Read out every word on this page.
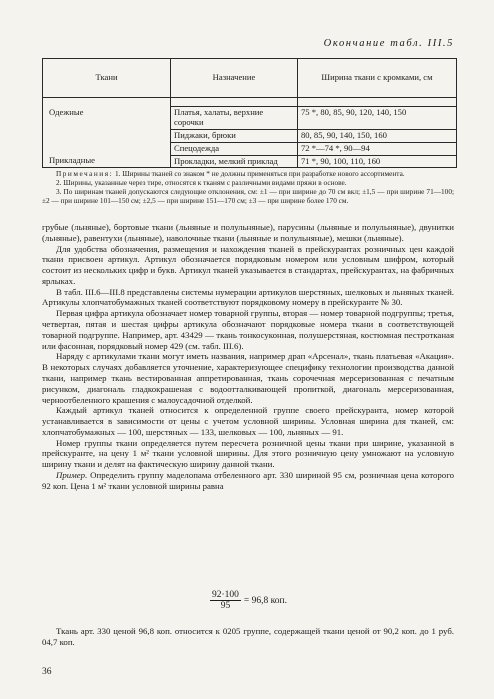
Окончание табл. III.5
Ткани	Назначение	Ширина ткани с кромками, см

Одежные	Платья, халаты, верхние сорочки	75 *, 80, 85, 90, 120, 140, 150
	Пиджаки, брюки	80, 85, 90, 140, 150, 160
	Спецодежда	72 *—74 *, 90—94
Прикладные	Прокладки, мелкий приклад	71 *, 90, 100, 110, 160

Примечания: 1. Ширины тканей со знаком * не должны применяться при разработке нового ассортимента.

2. Ширины, указанные через тире, относятся к тканям с различными видами пряжи в основе.

3. По ширинам тканей допускаются следующие отклонения, см: ±1 — при ширине до 70 см вкл; ±1,5 — при ширине 71—100; ±2 — при ширине 101—150 см; ±2,5 — при ширине 151—170 см; ±3 — при ширине более 170 см.

грубые (льняные), бортовые ткани (льняные и полульняные), парусины (льняные и полульняные), двунитки (льняные), равентухи (льняные), наволочные ткани (льняные и полульняные), мешки (льняные).

Для удобства обозначения, размещения и нахождения тканей в прейскурантах розничных цен каждой ткани присвоен артикул. Артикул обозначается порядковым номером или условным шифром, который состоит из нескольких цифр и букв. Артикул тканей указывается в стандартах, прейскурантах, на фабричных ярлыках.

В табл. III.6—III.8 представлены системы нумерации артикулов шерстяных, шелковых и льняных тканей. Артикулы хлопчатобумажных тканей соответствуют порядковому номеру в прейскуранте № 30.

Первая цифра артикула обозначает номер товарной группы, вторая — номер товарной подгруппы; третья, четвертая, пятая и шестая цифры артикула обозначают порядковые номера ткани в соответствующей товарной подгруппе. Например, арт. 43429 — ткань тонкосуконная, полушерстяная, костюмная пестротканая или фасонная, порядковый номер 429 (см. табл. III.6).

Наряду с артикулами ткани могут иметь названия, например драп «Арсенал», ткань платьевая «Акация». В некоторых случаях добавляется уточнение, характеризующее специфику технологии производства данной ткани, например ткань вестированная аппретированная, ткань сорочечная мерсеризованная с печатным рисунком, диагональ гладкокрашеная с водоотталкивающей пропиткой, диагональ мерсеризованная, черноотбеленного крашения с малоусадочной отделкой.

Каждый артикул тканей относится к определенной группе своего прейскуранта, номер которой устанавливается в зависимости от цены с учетом условной ширины. Условная ширина для тканей, см: хлопчатобумажных — 100, шерстяных — 133, шелковых — 100, льняных — 91.

Номер группы ткани определяется путем пересчета розничной цены ткани при ширине, указанной в прейскуранте, на цену 1 м² ткани условной ширины. Для этого розничную цену умножают на условную ширину ткани и делят на фактическую ширину данной ткани.

Пример. Определить группу маделопама отбеленного арт. 330 шириной 95 см, розничная цена которого 92 коп. Цена 1 м² ткани условной ширины равна

$\frac{92\cdot 100}{95} = 96,8$ коп.

Ткань арт. 330 ценой 96,8 коп. относится к 0205 группе, содержащей ткани ценой от 90,2 коп. до 1 руб. 04,7 коп.

36
